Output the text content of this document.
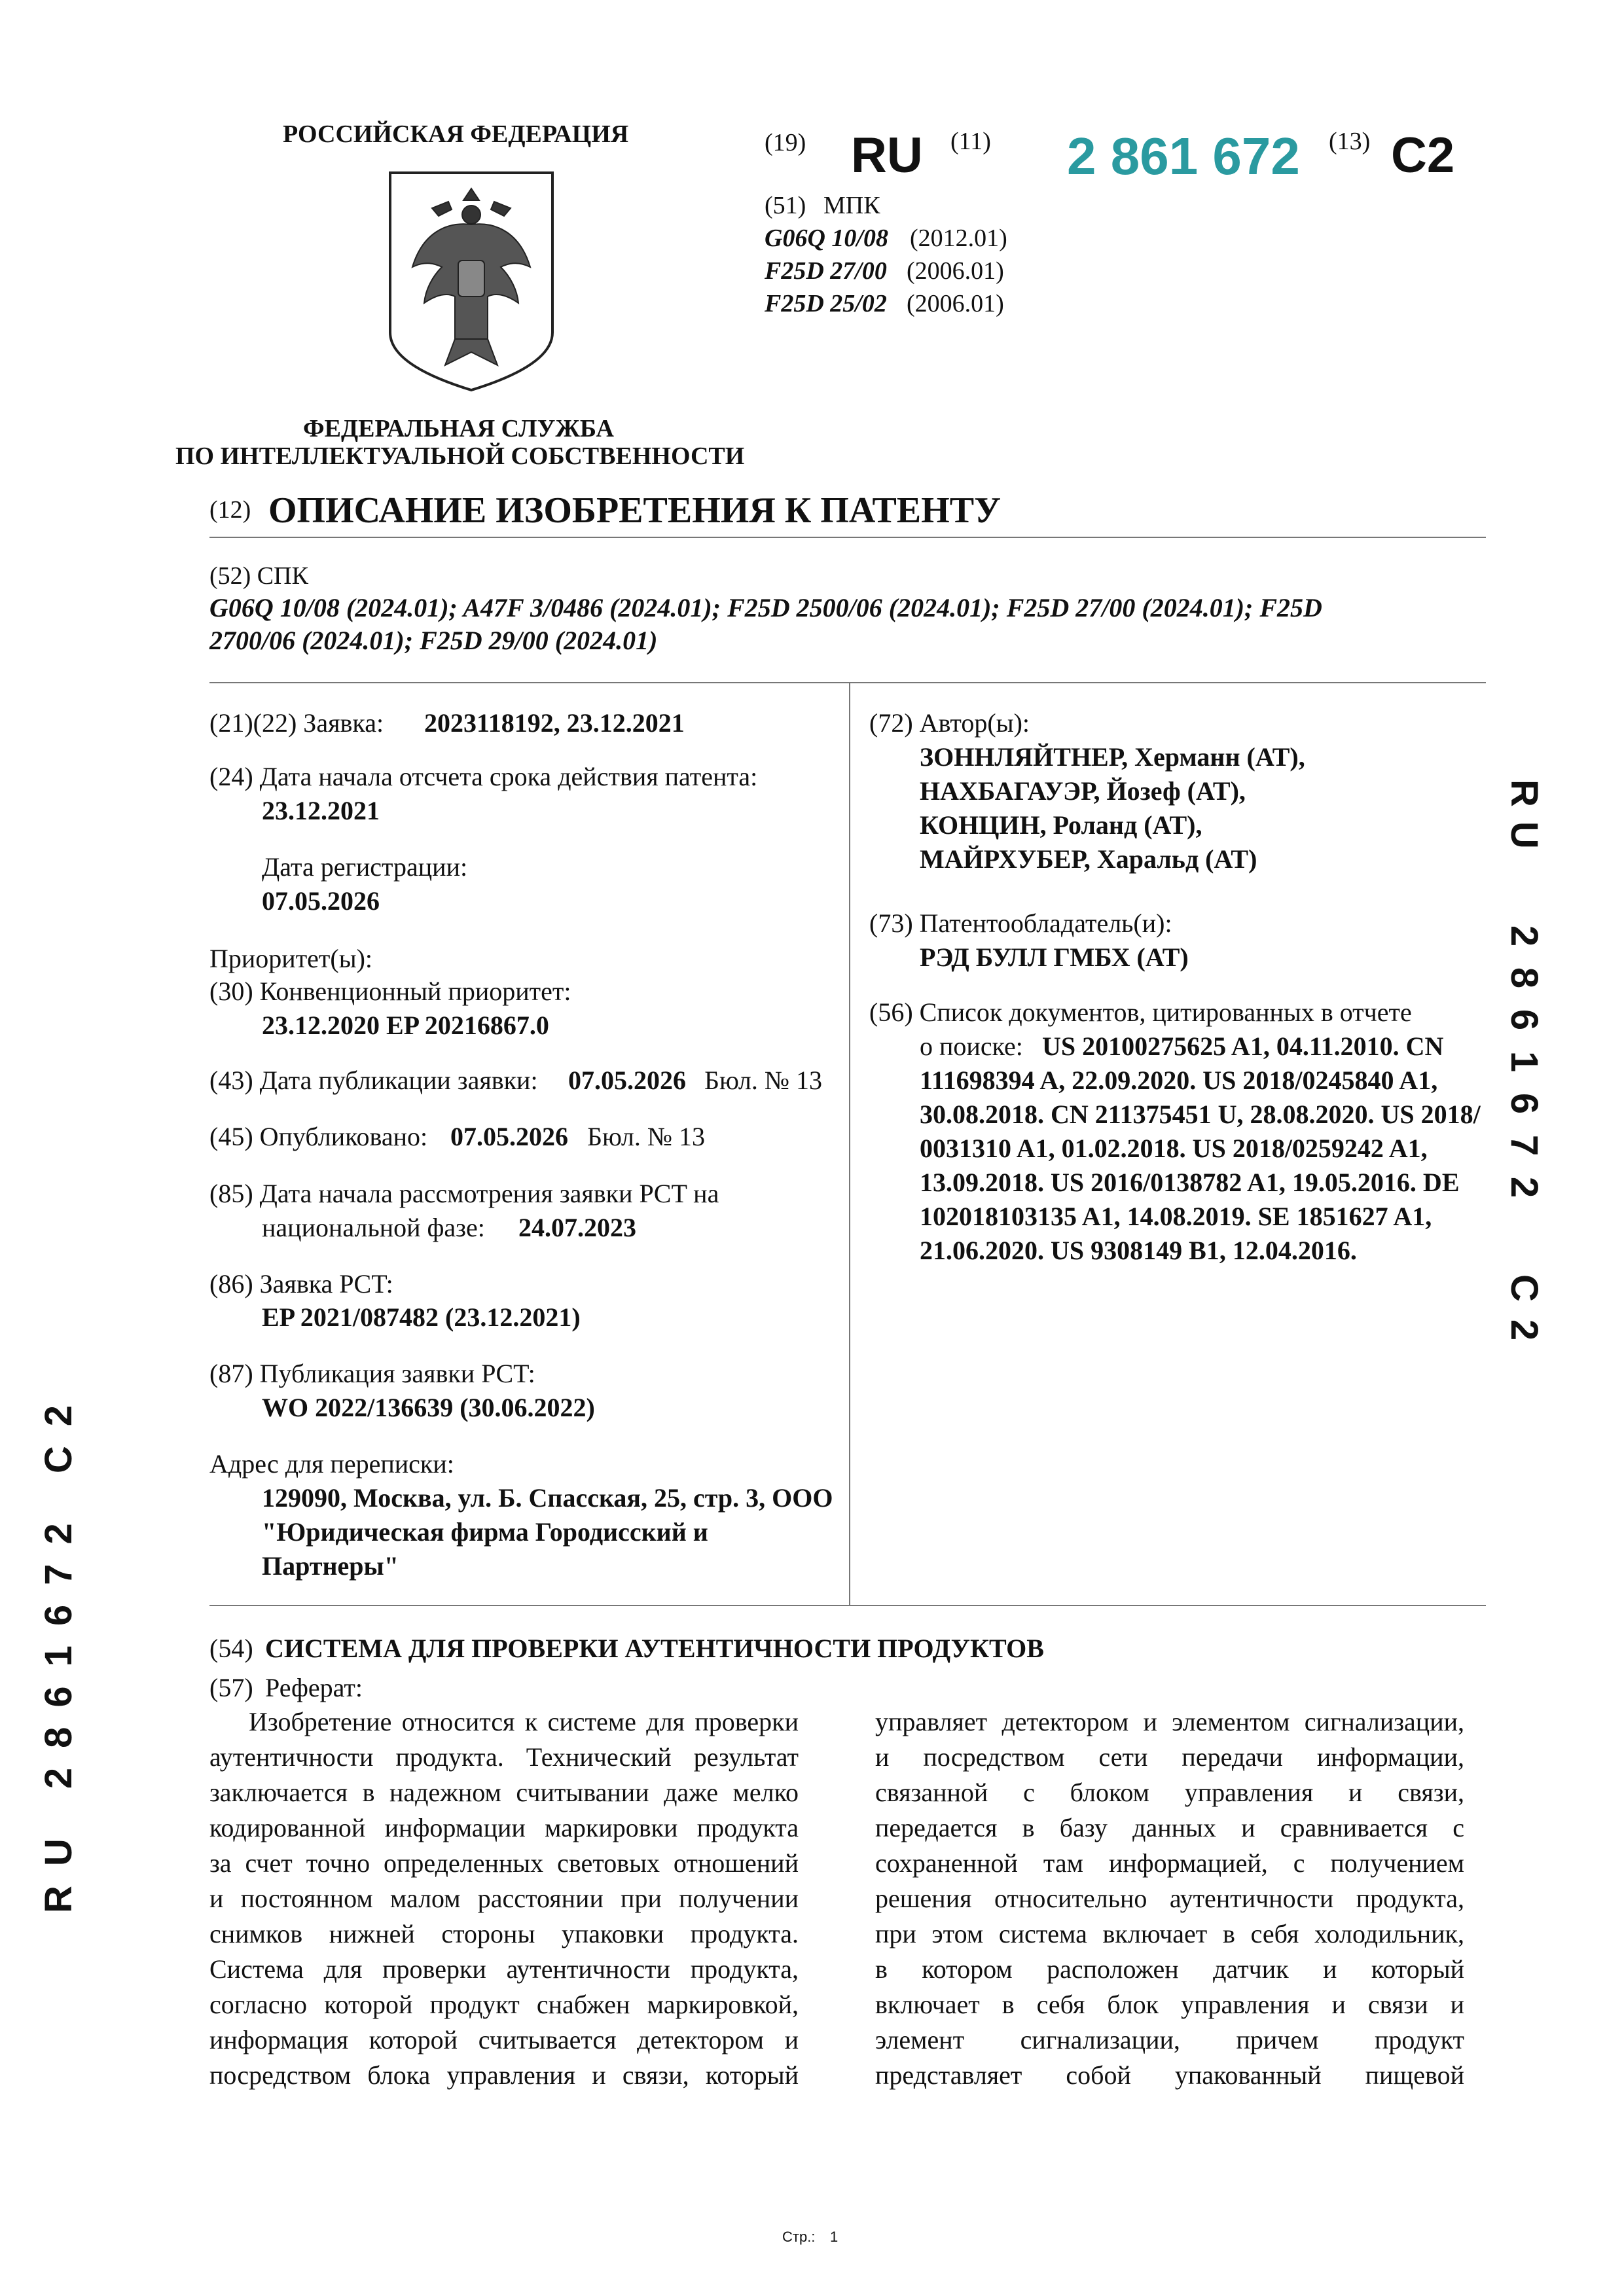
РОССИЙСКАЯ ФЕДЕРАЦИЯ
ФЕДЕРАЛЬНАЯ СЛУЖБА
ПО ИНТЕЛЛЕКТУАЛЬНОЙ СОБСТВЕННОСТИ
(19) RU (11) 2 861 672 (13) C2
(51) МПК
G06Q 10/08 (2012.01)
F25D 27/00 (2006.01)
F25D 25/02 (2006.01)
(12) ОПИСАНИЕ ИЗОБРЕТЕНИЯ К ПАТЕНТУ
(52) СПК
G06Q 10/08 (2024.01); A47F 3/0486 (2024.01); F25D 2500/06 (2024.01); F25D 27/00 (2024.01); F25D
2700/06 (2024.01); F25D 29/00 (2024.01)
(21)(22) Заявка: 2023118192, 23.12.2021
(24) Дата начала отсчета срока действия патента:
23.12.2021
Дата регистрации:
07.05.2026
Приоритет(ы):
(30) Конвенционный приоритет:
23.12.2020 EP 20216867.0
(43) Дата публикации заявки: 07.05.2026 Бюл. № 13
(45) Опубликовано: 07.05.2026 Бюл. № 13
(85) Дата начала рассмотрения заявки PCT на
национальной фазе: 24.07.2023
(86) Заявка PCT:
EP 2021/087482 (23.12.2021)
(87) Публикация заявки PCT:
WO 2022/136639 (30.06.2022)
Адрес для переписки:
129090, Москва, ул. Б. Спасская, 25, стр. 3, ООО
"Юридическая фирма Городисский и
Партнеры"
(72) Автор(ы):
ЗОННЛЯЙТНЕР, Херманн (AT),
НАХБАГАУЭР, Йозеф (AT),
КОНЦИН, Роланд (AT),
МАЙРХУБЕР, Харальд (AT)
(73) Патентообладатель(и):
РЭД БУЛЛ ГМБХ (AT)
(56) Список документов, цитированных в отчете
о поиске: US 20100275625 A1, 04.11.2010. CN
111698394 A, 22.09.2020. US 2018/0245840 A1,
30.08.2018. CN 211375451 U, 28.08.2020. US 2018/
0031310 A1, 01.02.2018. US 2018/0259242 A1,
13.09.2018. US 2016/0138782 A1, 19.05.2016. DE
102018103135 A1, 14.08.2019. SE 1851627 A1,
21.06.2020. US 9308149 B1, 12.04.2016.
(54) СИСТЕМА ДЛЯ ПРОВЕРКИ АУТЕНТИЧНОСТИ ПРОДУКТОВ
(57) Реферат:
Изобретение относится к системе для проверки
аутентичности продукта. Технический результат
заключается в надежном считывании даже мелко
кодированной информации маркировки продукта
за счет точно определенных световых отношений
и постоянном малом расстоянии при получении
снимков нижней стороны упаковки продукта.
Система для проверки аутентичности продукта,
согласно которой продукт снабжен маркировкой,
информация которой считывается детектором и
посредством блока управления и связи, который
управляет детектором и элементом сигнализации,
и посредством сети передачи информации,
связанной с блоком управления и связи,
передается в базу данных и сравнивается с
сохраненной там информацией, с получением
решения относительно аутентичности продукта,
при этом система включает в себя холодильник,
в котором расположен датчик и который
включает в себя блок управления и связи и
элемент сигнализации, причем продукт
представляет собой упакованный пищевой
R
U
2
8
6
1
6
7
2
C
2
RU 2861672 C2
Стр.: 1
